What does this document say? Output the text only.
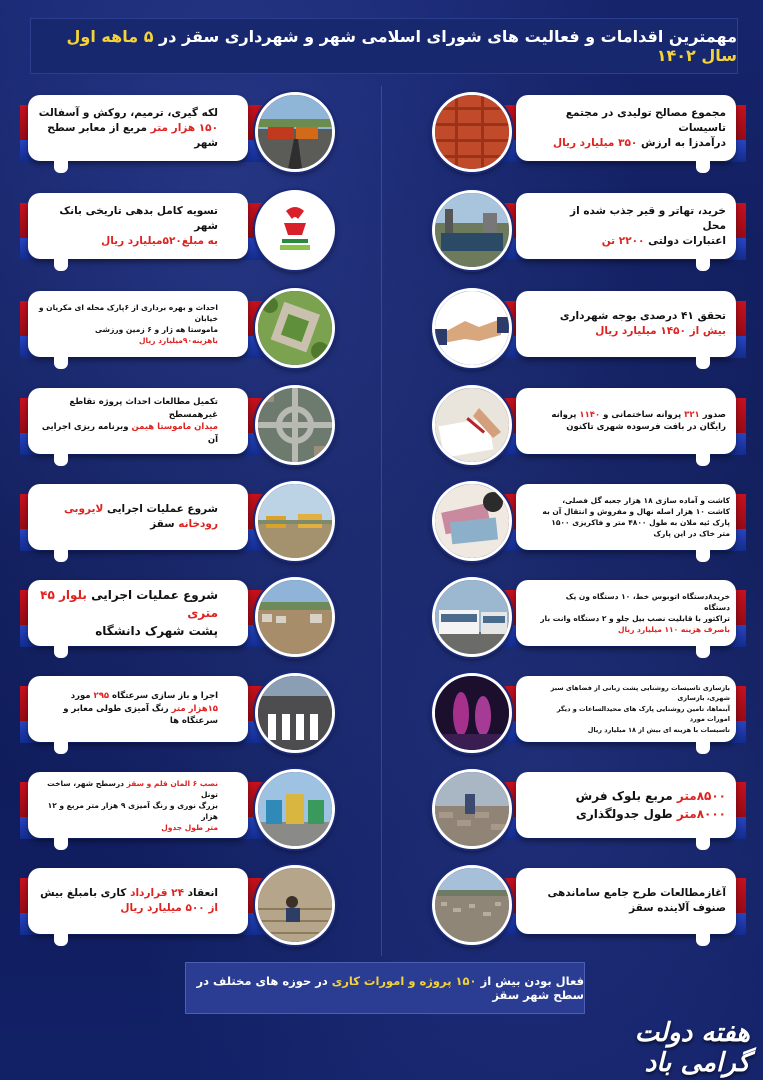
مهمترین اقدامات و فعالیت های شورای اسلامی شهر و شهرداری سقز در ۵ ماهه اول سال ۱۴۰۲
لکه گیری، ترمیم، روکش و آسفالت
۱۵۰ هزار متر مربع از معابر سطح شهر
تسویه کامل بدهی تاریخی بانک شهر
به مبلغ۵۲۰میلیارد ریال
احداث و بهره برداری از ۶پارک محله ای مکریان و خیابان
ماموستا هه ژار و ۶ زمین ورزشی
باهزینه۹۰میلیارد ریال
تکمیل مطالعات احداث پروژه تقاطع غیرهمسطح
میدان ماموستا هیمن وبرنامه ریزی اجرایی آن
شروع عملیات اجرایی لایروبی رودخانه سقز
شروع عملیات اجرایی بلوار ۴۵ متری
پشت شهرک دانشگاه
اجرا و باز سازی سرعتگاه ۲۹۵ مورد
۱۵هزار متر رنگ آمیزی طولی معابر و
سرعتگاه ها
نصب ۶ المان قلم و سقز درسطح شهر، ساخت تونل
بزرگ نوری و رنگ آمیزی ۹ هزار متر مربع و ۱۲ هزار
متر طول جدول
انعقاد ۲۴ قرارداد کاری بامبلغ بیش
از ۵۰۰ میلیارد ریال
مجموع مصالح تولیدی در مجتمع تاسیسات
درآمدزا به ارزش ۳۵۰ میلیارد ریال
خرید، تهاتر و قیر جذب شده از محل
اعتبارات دولتی ۲۲۰۰ تن
تحقق ۴۱ درصدی بوجه شهرداری
بیش از ۱۴۵۰ میلیارد ریال
صدور ۳۲۱ پروانه ساختمانی و ۱۱۴۰ پروانه
رایگان در بافت فرسوده شهری تاکنون
کاشت و آماده سازی ۱۸ هزار جعبه گل فصلی،
کاشت ۱۰ هزار اصله نهال و مفروش و انتقال آن به
پارک ئیه ملان به طول ۴۸۰۰ متر و فاکریزی ۱۵۰۰
متر خاک در این پارک
خرید۸دستگاه اتوبوس خط، ۱۰ دستگاه ون یک دستگاه
تراکتور با قابلیت نصب بیل جلو و ۲ دستگاه وانت بار
باصرف هزینه ۱۱۰ میلیارد ریال
بازسازی تاسیسات روشنایی پشت زبانی از فضاهای سبز شهری، بازسازی
آبنماها، تامین روشنایی پارک های محیدالساعات و دیگر امورات مورد
تاسیسات با هزینه ای بیش از ۱۸ میلیارد ریال
۸۵۰۰متر مربع بلوک فرش
۸۰۰۰متر طول جدولگذاری
آغازمطالعات طرح جامع ساماندهی
صنوف آلاینده سقز
فعال بودن بیش از ۱۵۰ پروژه و امورات کاری در حوزه های مختلف در سطح شهر سقز
هفته دولت گرامی باد
